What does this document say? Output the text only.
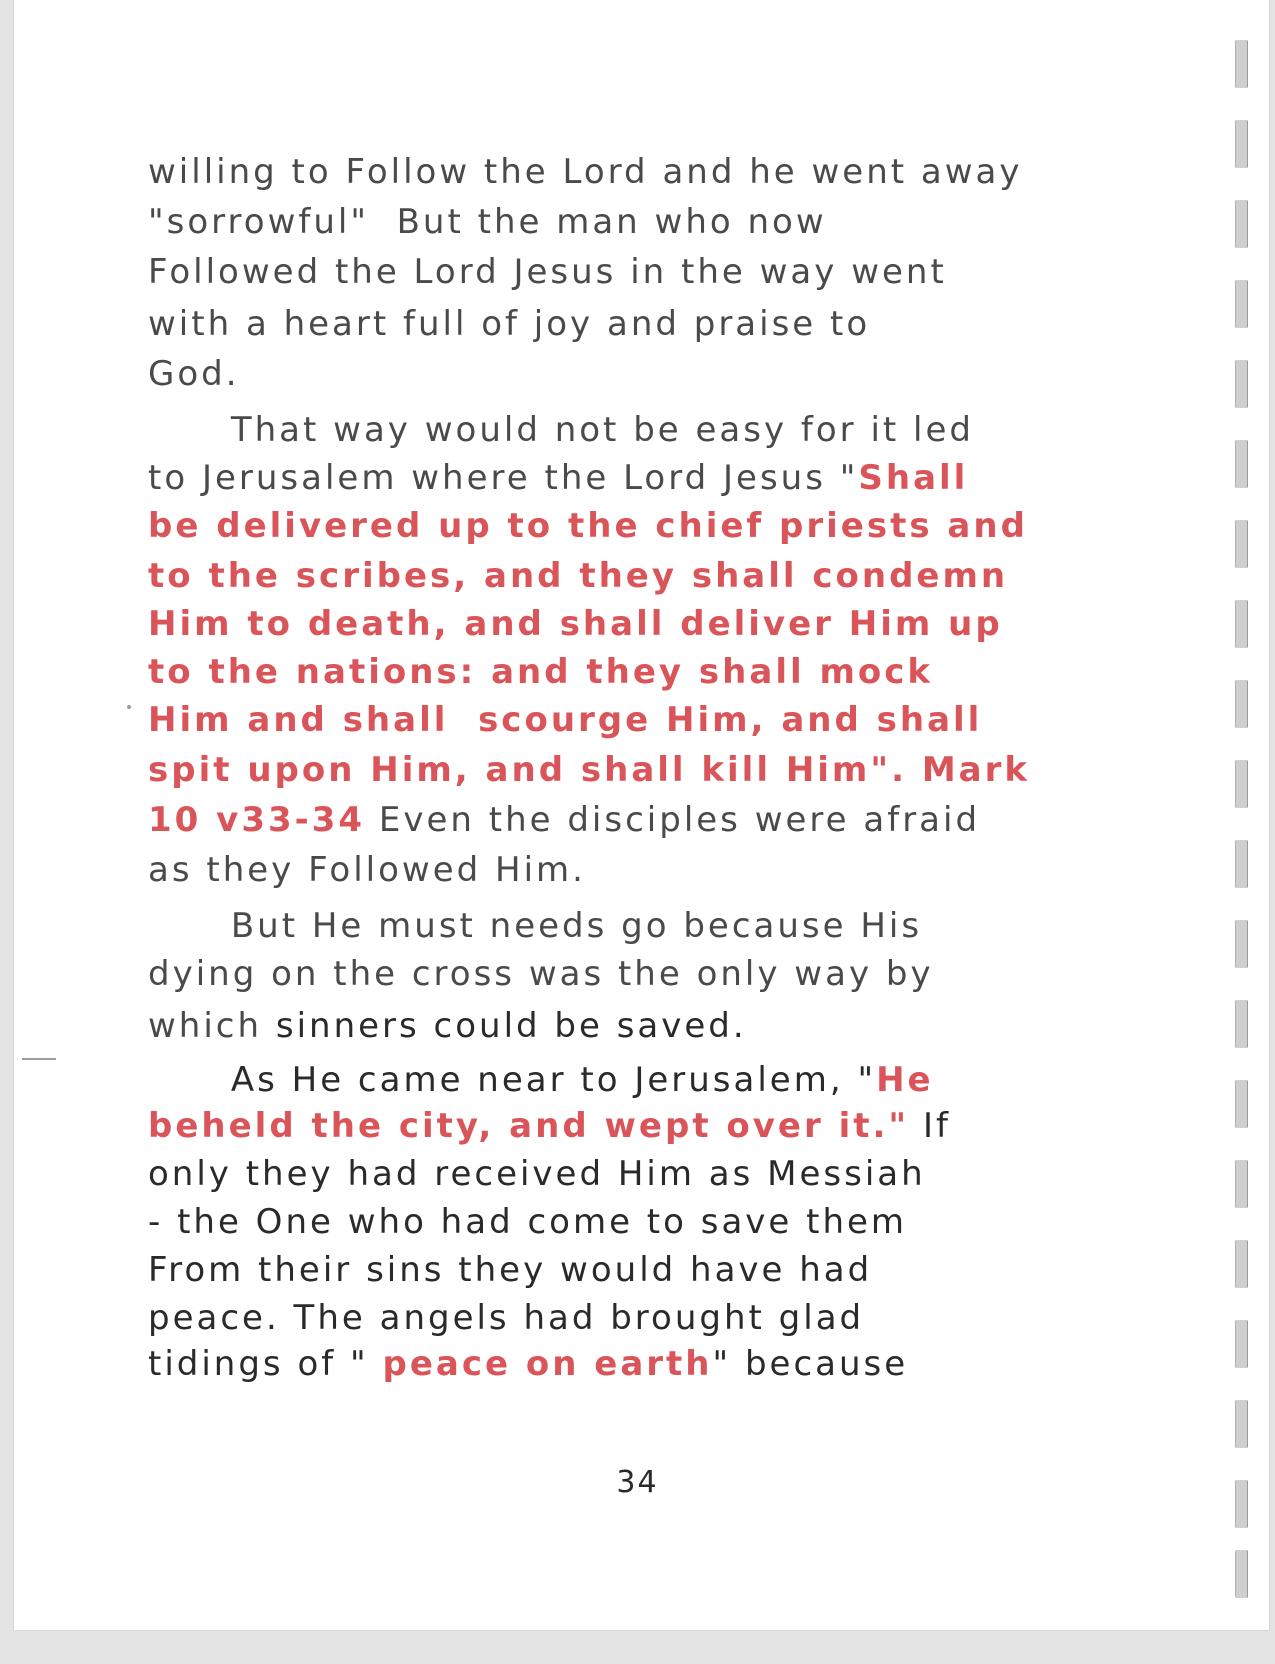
willing to Follow the Lord and he went away
"sorrowful"  But the man who now
Followed the Lord Jesus in the way went
with a heart full of joy and praise to
God.
That way would not be easy for it led
to Jerusalem where the Lord Jesus "Shall
be delivered up to the chief priests and
to the scribes, and they shall condemn
Him to death, and shall deliver Him up
to the nations: and they shall mock
Him and shall  scourge Him, and shall
spit upon Him, and shall kill Him". Mark
10 v33-34 Even the disciples were afraid
as they Followed Him.
But He must needs go because His
dying on the cross was the only way by
which sinners could be saved.
As He came near to Jerusalem, "He
beheld the city, and wept over it." If
only they had received Him as Messiah
- the One who had come to save them
From their sins they would have had
peace. The angels had brought glad
tidings of " peace on earth" because
34
